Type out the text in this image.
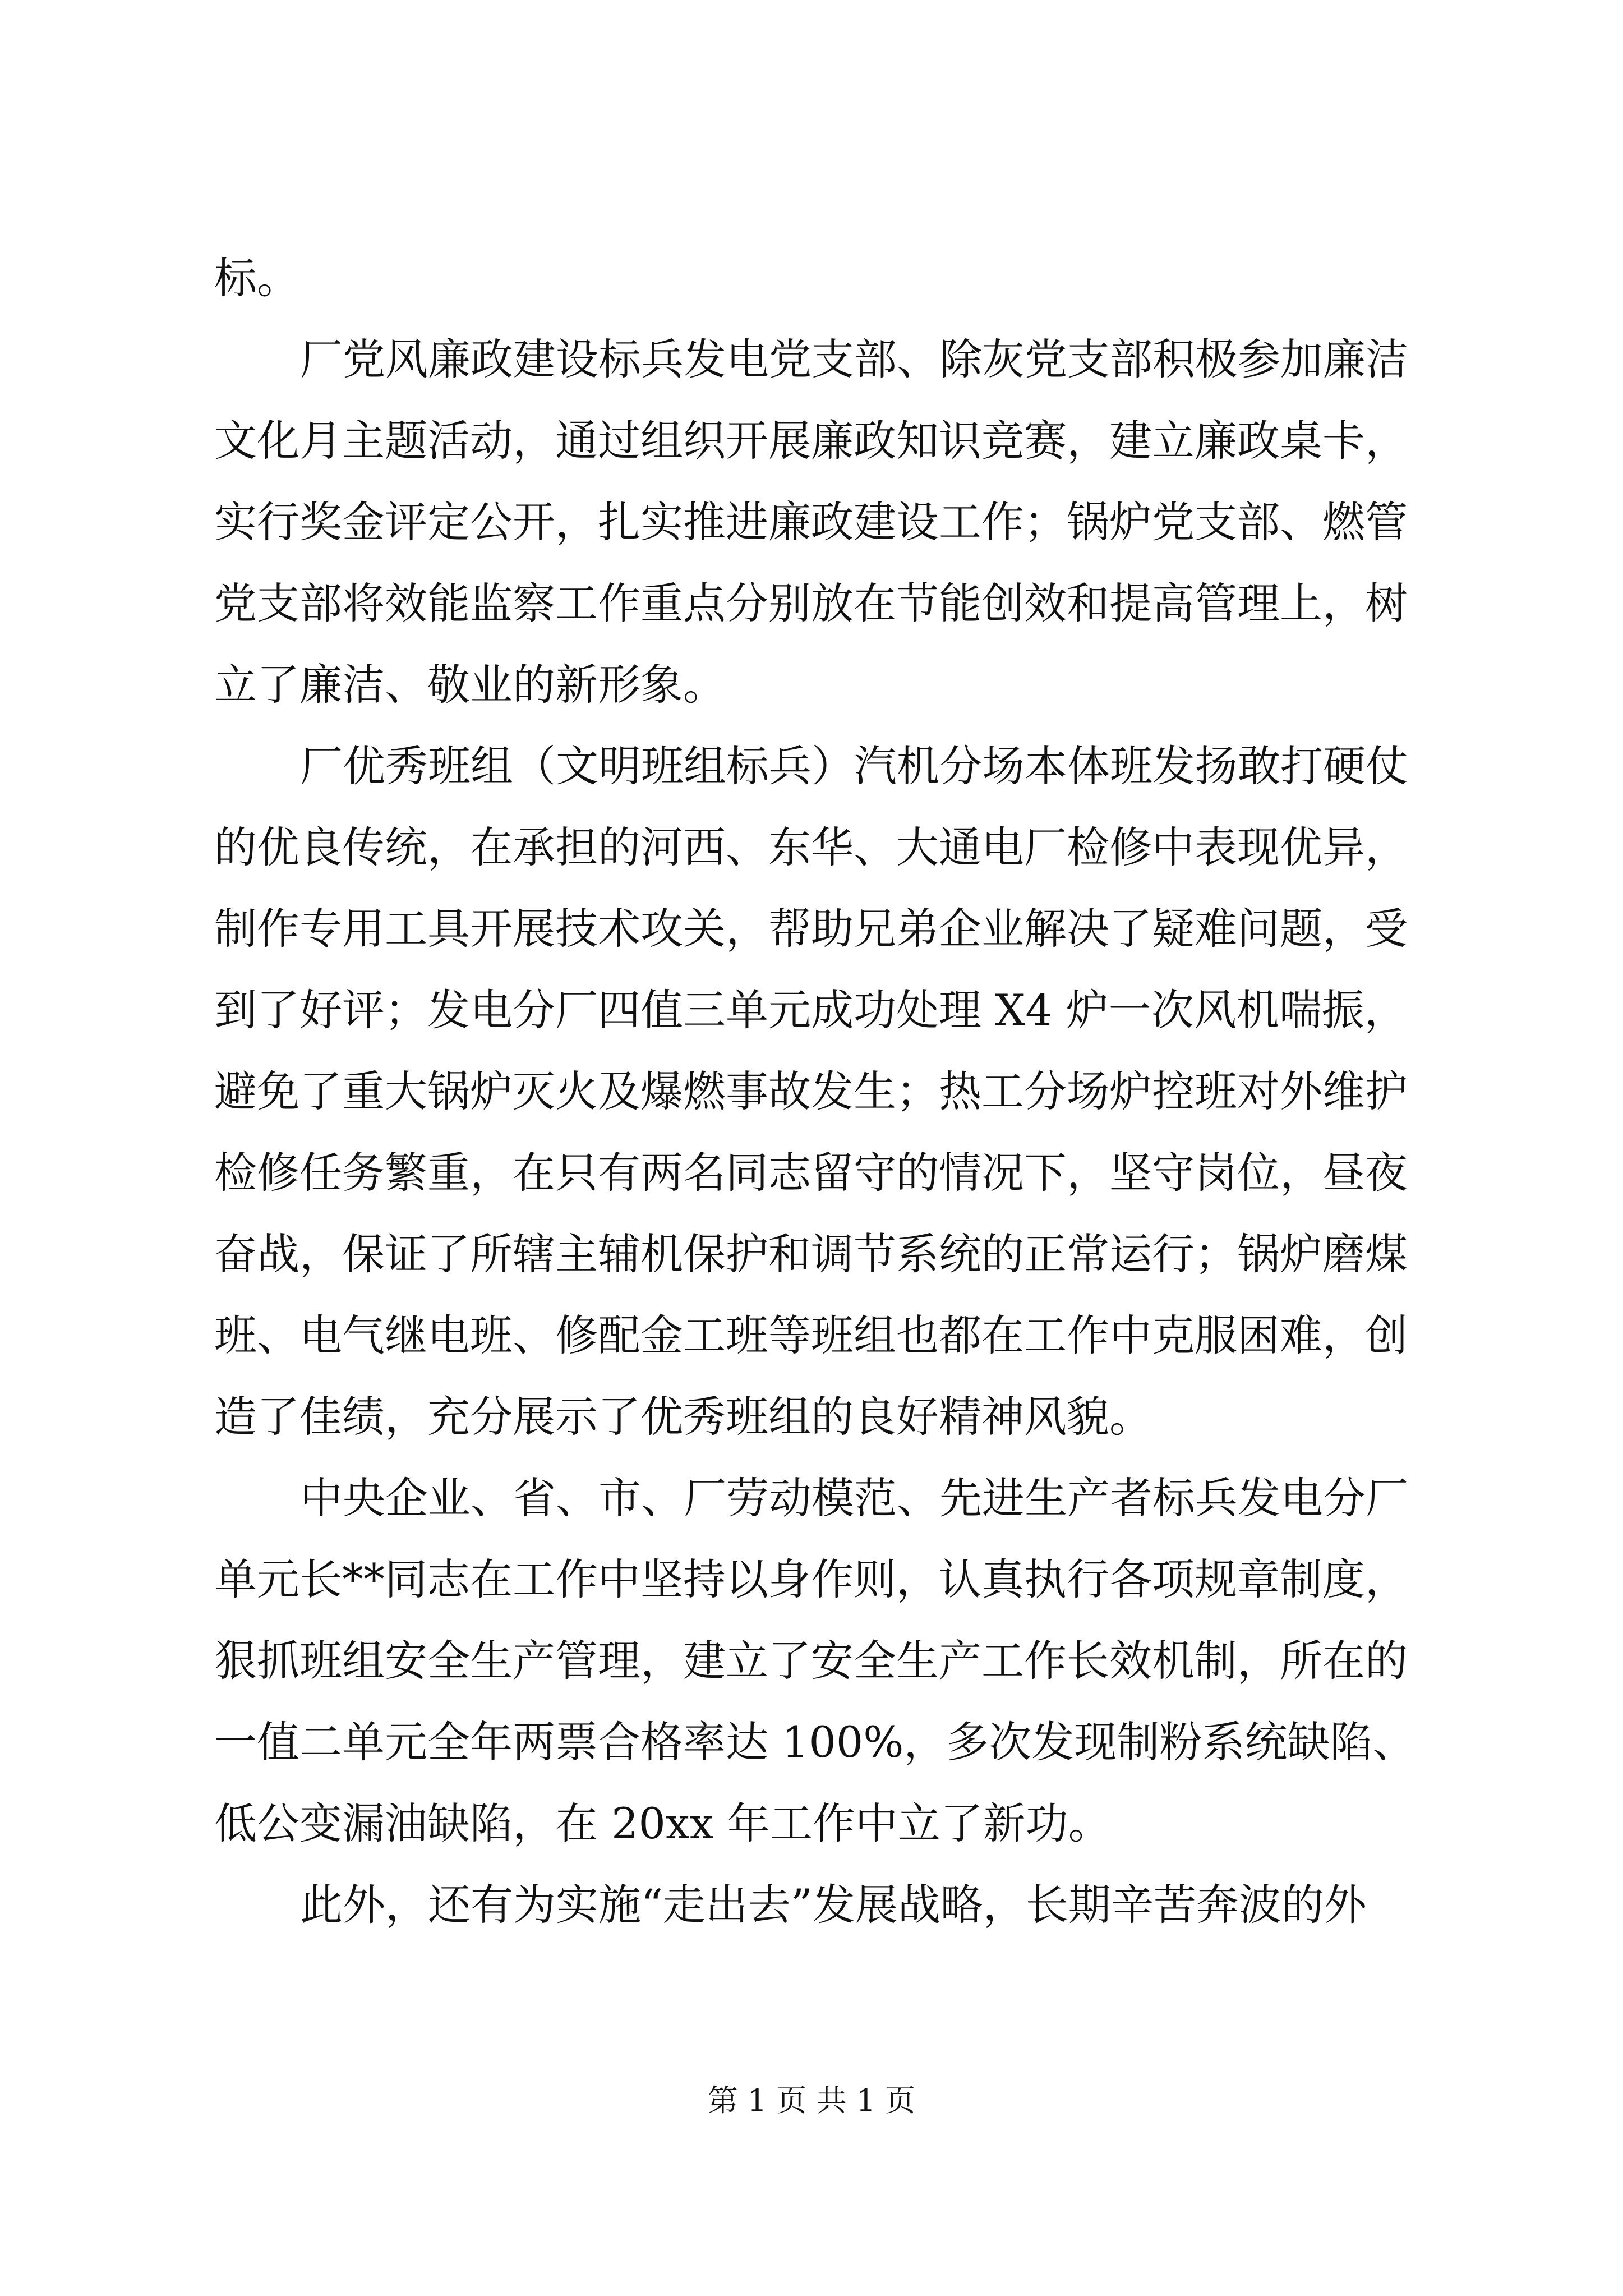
标。
厂党风廉政建设标兵发电党支部、除灰党支部积极参加廉洁
文化月主题活动，通过组织开展廉政知识竞赛，建立廉政桌卡，
实行奖金评定公开，扎实推进廉政建设工作；锅炉党支部、燃管
党支部将效能监察工作重点分别放在节能创效和提高管理上，树
立了廉洁、敬业的新形象。
厂优秀班组（文明班组标兵）汽机分场本体班发扬敢打硬仗
的优良传统，在承担的河西、东华、大通电厂检修中表现优异，
制作专用工具开展技术攻关，帮助兄弟企业解决了疑难问题，受
到了好评；发电分厂四值三单元成功处理 X4 炉一次风机喘振，
避免了重大锅炉灭火及爆燃事故发生；热工分场炉控班对外维护
检修任务繁重，在只有两名同志留守的情况下，坚守岗位，昼夜
奋战，保证了所辖主辅机保护和调节系统的正常运行；锅炉磨煤
班、电气继电班、修配金工班等班组也都在工作中克服困难，创
造了佳绩，充分展示了优秀班组的良好精神风貌。
中央企业、省、市、厂劳动模范、先进生产者标兵发电分厂
单元长**同志在工作中坚持以身作则，认真执行各项规章制度，
狠抓班组安全生产管理，建立了安全生产工作长效机制，所在的
一值二单元全年两票合格率达 100%，多次发现制粉系统缺陷、
低公变漏油缺陷，在 20xx 年工作中立了新功。
此外，还有为实施“走出去”发展战略，长期辛苦奔波的外
第 1 页 共 1 页
